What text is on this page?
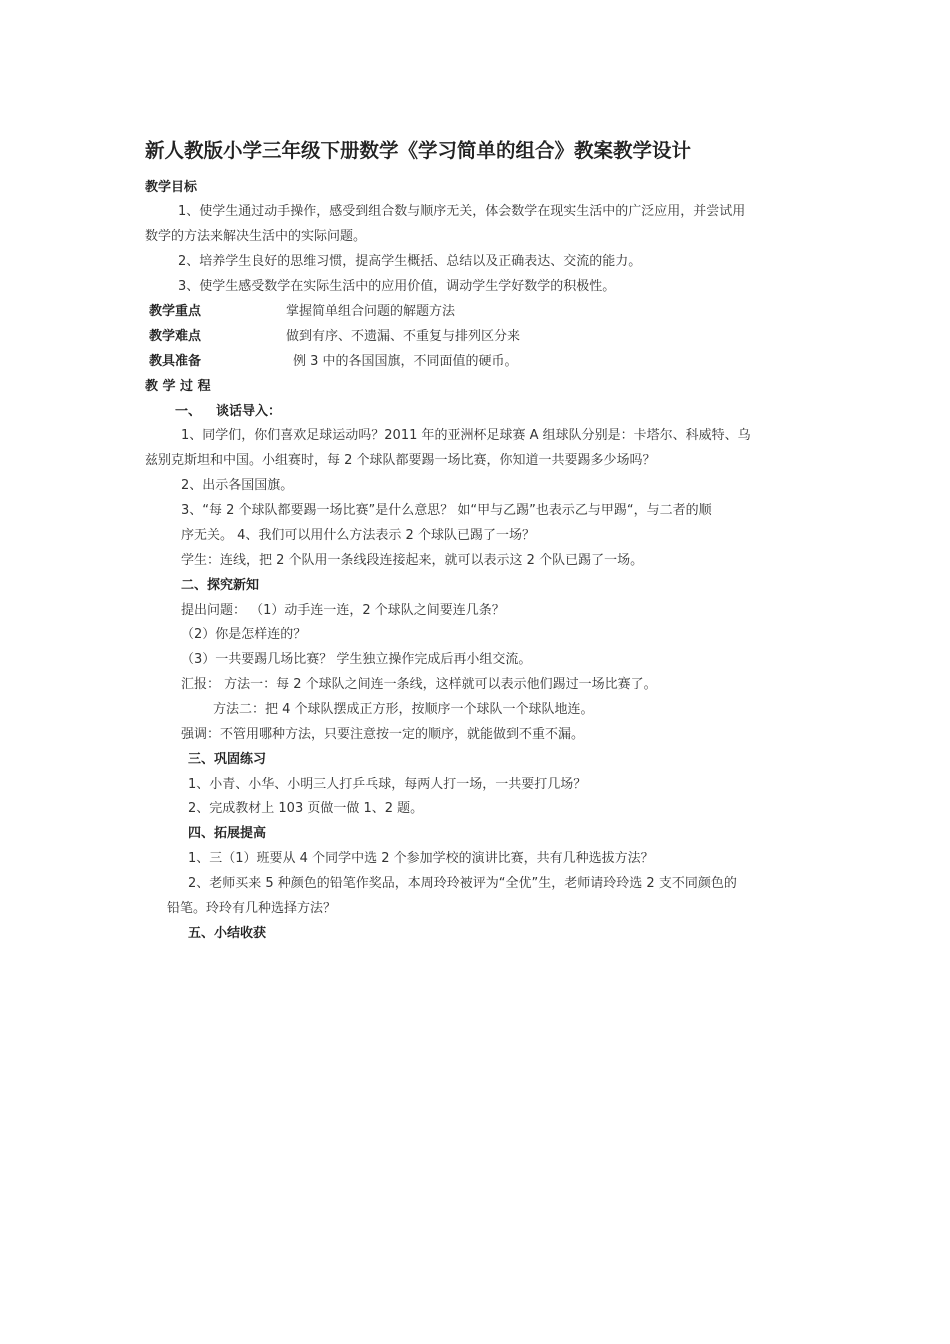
新人教版小学三年级下册数学《学习简单的组合》教案教学设计
教学目标
1、使学生通过动手操作，感受到组合数与顺序无关，体会数学在现实生活中的广泛应用，并尝试用
数学的方法来解决生活中的实际问题。
2、培养学生良好的思维习惯，提高学生概括、总结以及正确表达、交流的能力。
3、使学生感受数学在实际生活中的应用价值，调动学生学好数学的积极性。
教学重点	掌握简单组合问题的解题方法
教学难点	做到有序、不遗漏、不重复与排列区分来
教具准备	例 3 中的各国国旗，不同面值的硬币。
教 学 过 程
一、 谈话导入：
1、同学们，你们喜欢足球运动吗？2011 年的亚洲杯足球赛 A 组球队分别是：卡塔尔、科威特、乌
兹别克斯坦和中国。小组赛时，每 2 个球队都要踢一场比赛，你知道一共要踢多少场吗？
2、出示各国国旗。
3、“每 2 个球队都要踢一场比赛”是什么意思？ 如“甲与乙踢”也表示乙与甲踢“，与二者的顺
序无关。 4、我们可以用什么方法表示 2 个球队已踢了一场？
学生：连线，把 2 个队用一条线段连接起来，就可以表示这 2 个队已踢了一场。
二、探究新知
提出问题： （1）动手连一连，2 个球队之间要连几条？
（2）你是怎样连的？
（3）一共要踢几场比赛？ 学生独立操作完成后再小组交流。
汇报： 方法一：每 2 个球队之间连一条线，这样就可以表示他们踢过一场比赛了。
方法二：把 4 个球队摆成正方形，按顺序一个球队一个球队地连。
强调：不管用哪种方法，只要注意按一定的顺序，就能做到不重不漏。
三、巩固练习
1、小青、小华、小明三人打乒乓球，每两人打一场，一共要打几场？
2、完成教材上 103 页做一做 1、2 题。
四、拓展提高
1、三（1）班要从 4 个同学中选 2 个参加学校的演讲比赛，共有几种选拔方法？
2、老师买来 5 种颜色的铅笔作奖品，本周玲玲被评为“全优”生，老师请玲玲选 2 支不同颜色的
铅笔。玲玲有几种选择方法？
五、小结收获
